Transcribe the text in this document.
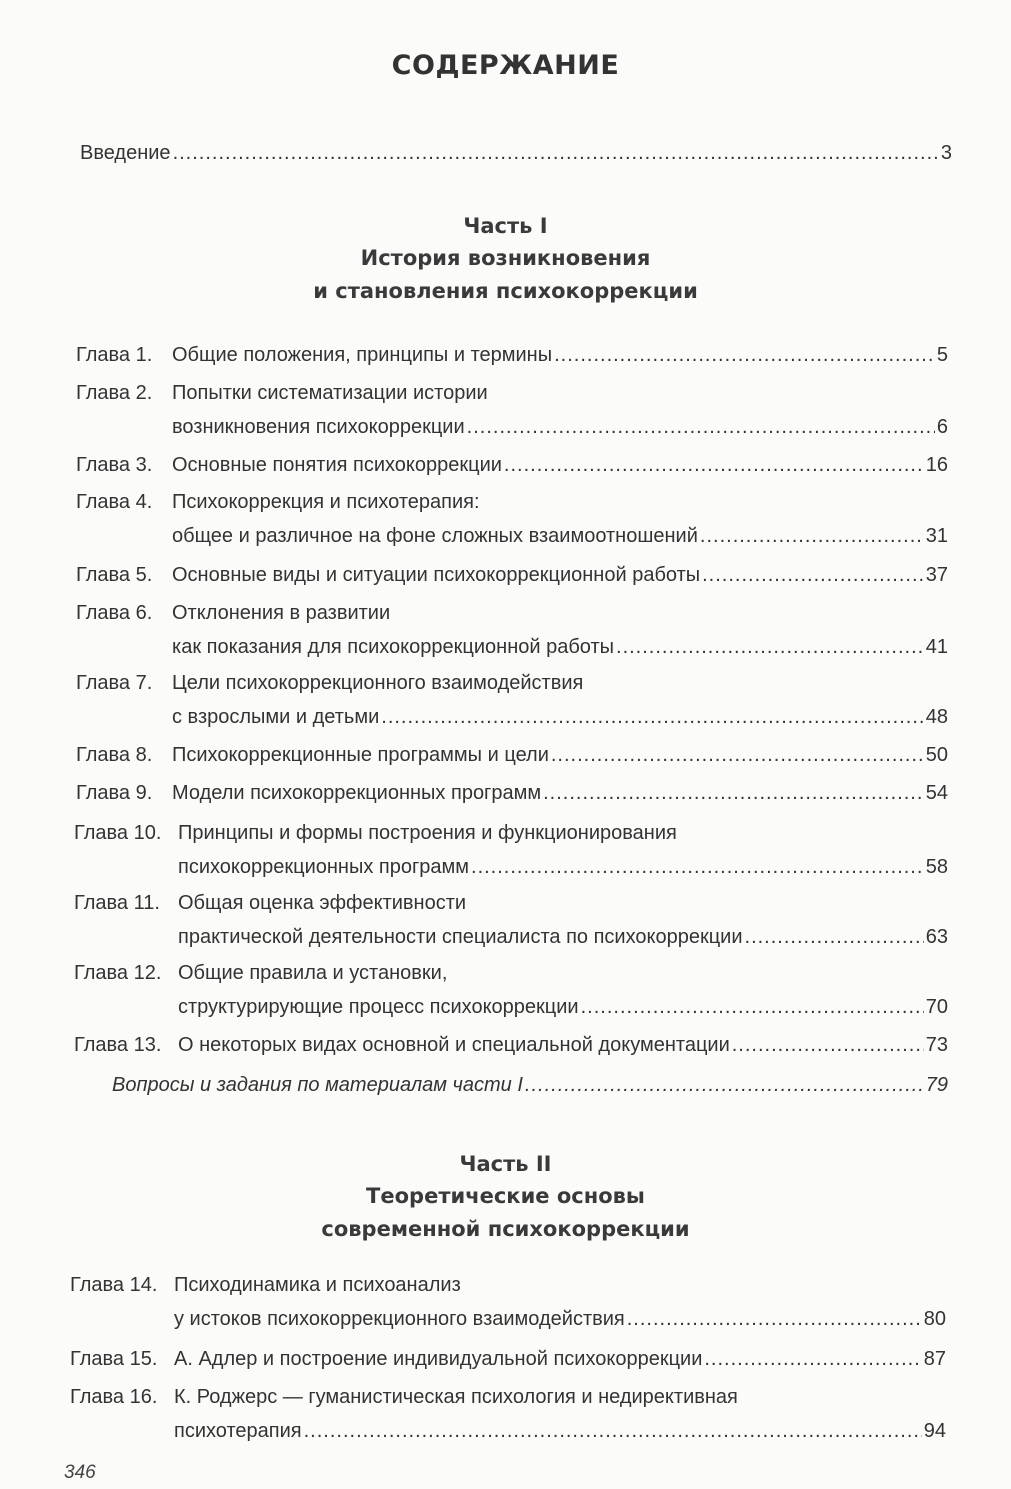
СОДЕРЖАНИЕ
Введение .....	3
Часть I
История возникновения
и становления психокоррекции
Глава 1. Общие положения, принципы и термины .....	5
Глава 2. Попытки систематизации истории
возникновения психокоррекции .....	6
Глава 3. Основные понятия психокоррекции .....	16
Глава 4. Психокоррекция и психотерапия:
общее и различное на фоне сложных взаимоотношений .....	31
Глава 5. Основные виды и ситуации психокоррекционной работы .....	37
Глава 6. Отклонения в развитии
как показания для психокоррекционной работы .....	41
Глава 7. Цели психокоррекционного взаимодействия
с взрослыми и детьми .....	48
Глава 8. Психокоррекционные программы и цели .....	50
Глава 9. Модели психокоррекционных программ .....	54
Глава 10. Принципы и формы построения и функционирования
психокоррекционных программ .....	58
Глава 11. Общая оценка эффективности
практической деятельности специалиста по психокоррекции .....	63
Глава 12. Общие правила и установки,
структурирующие процесс психокоррекции .....	70
Глава 13. О некоторых видах основной и специальной документации .....	73
Вопросы и задания по материалам части I .....	79
Часть II
Теоретические основы
современной психокоррекции
Глава 14. Психодинамика и психоанализ
у истоков психокоррекционного взаимодействия .....	80
Глава 15. А. Адлер и построение индивидуальной психокоррекции .....	87
Глава 16. К. Роджерс — гуманистическая психология и недирективная
психотерапия .....	94
346
